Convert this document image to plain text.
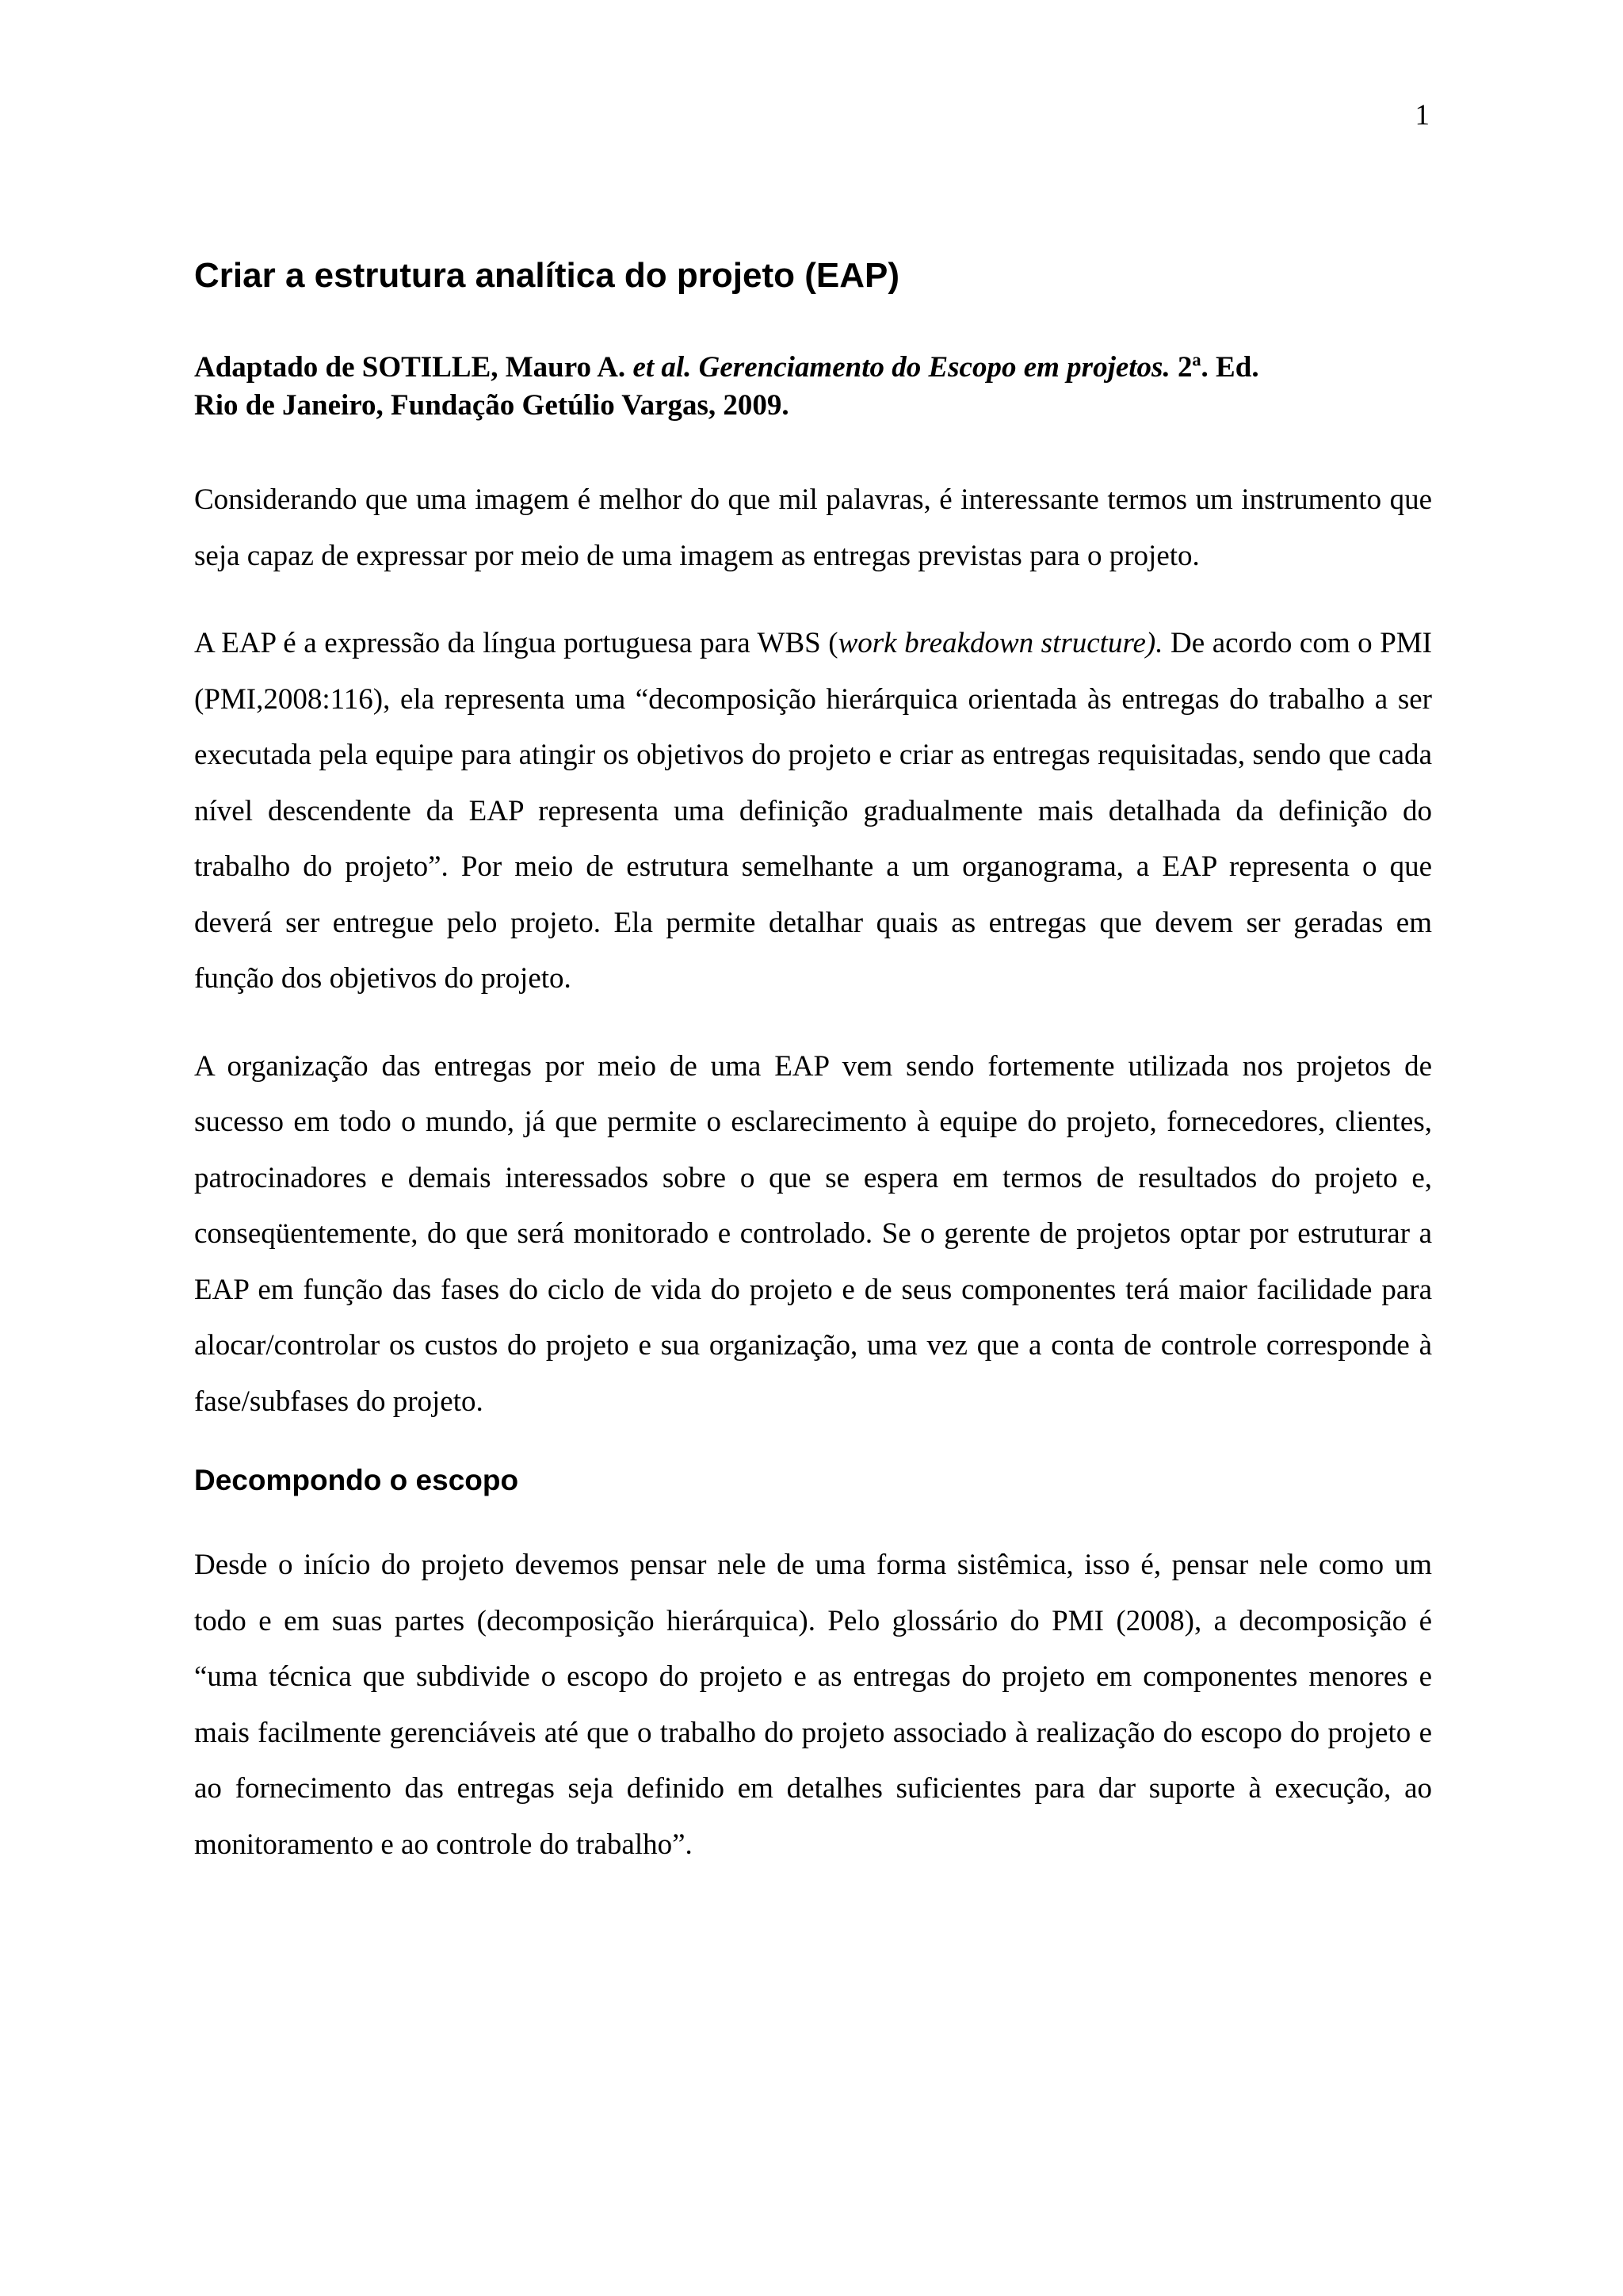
1
Criar a estrutura analítica do projeto (EAP)
Adaptado de SOTILLE, Mauro A. et al. Gerenciamento do Escopo em projetos. 2ª. Ed.
Rio de Janeiro, Fundação Getúlio Vargas, 2009.

Considerando que uma imagem é melhor do que mil palavras, é interessante termos um instrumento que seja capaz de expressar por meio de uma imagem as entregas previstas para o projeto.

A EAP é a expressão da língua portuguesa para WBS (work breakdown structure). De acordo com o PMI (PMI,2008:116), ela representa uma “decomposição hierárquica orientada às entregas do trabalho a ser executada pela equipe para atingir os objetivos do projeto e criar as entregas requisitadas, sendo que cada nível descendente da EAP representa uma definição gradualmente mais detalhada da definição do trabalho do projeto”. Por meio de estrutura semelhante a um organograma, a EAP representa o que deverá ser entregue pelo projeto. Ela permite detalhar quais as entregas que devem ser geradas em função dos objetivos do projeto.

A organização das entregas por meio de uma EAP vem sendo fortemente utilizada nos projetos de sucesso em todo o mundo, já que permite o esclarecimento à equipe do projeto, fornecedores, clientes, patrocinadores e demais interessados sobre o que se espera em termos de resultados do projeto e, conseqüentemente, do que será monitorado e controlado. Se o gerente de projetos optar por estruturar a EAP em função das fases do ciclo de vida do projeto e de seus componentes terá maior facilidade para alocar/controlar os custos do projeto e sua organização, uma vez que a conta de controle corresponde à fase/subfases do projeto.

Decompondo o escopo

Desde o início do projeto devemos pensar nele de uma forma sistêmica, isso é, pensar nele como um todo e em suas partes (decomposição hierárquica). Pelo glossário do PMI (2008), a decomposição é “uma técnica que subdivide o escopo do projeto e as entregas do projeto em componentes menores e mais facilmente gerenciáveis até que o trabalho do projeto associado à realização do escopo do projeto e ao fornecimento das entregas seja definido em detalhes suficientes para dar suporte à execução, ao monitoramento e ao controle do trabalho”.
